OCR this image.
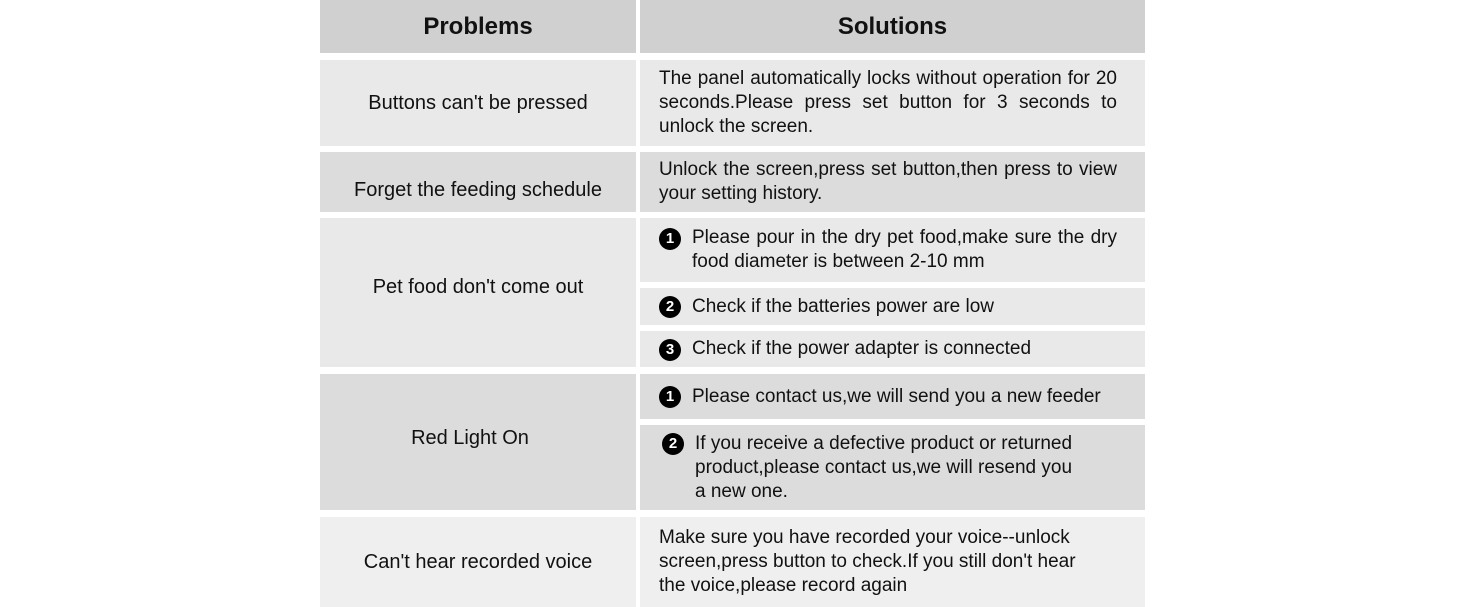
Problems	Solutions
Buttons can't be pressed
The panel automatically locks without operation for 20 seconds.Please press set button for 3 seconds to unlock the screen.
Forget the feeding schedule
Unlock the screen,press set button,then press to view your setting history.
Pet food don't come out
1 Please pour in the dry pet food,make sure the dry food diameter is between 2-10 mm
2 Check if the batteries power are low
3 Check if the power adapter is connected
Red Light On
1 Please contact us,we will send you a new feeder
2 If you receive a defective product or returned product,please contact us,we will resend you a new one.
Can't hear recorded voice
Make sure you have recorded your voice--unlock screen,press button to check.If you still don't hear the voice,please record again
